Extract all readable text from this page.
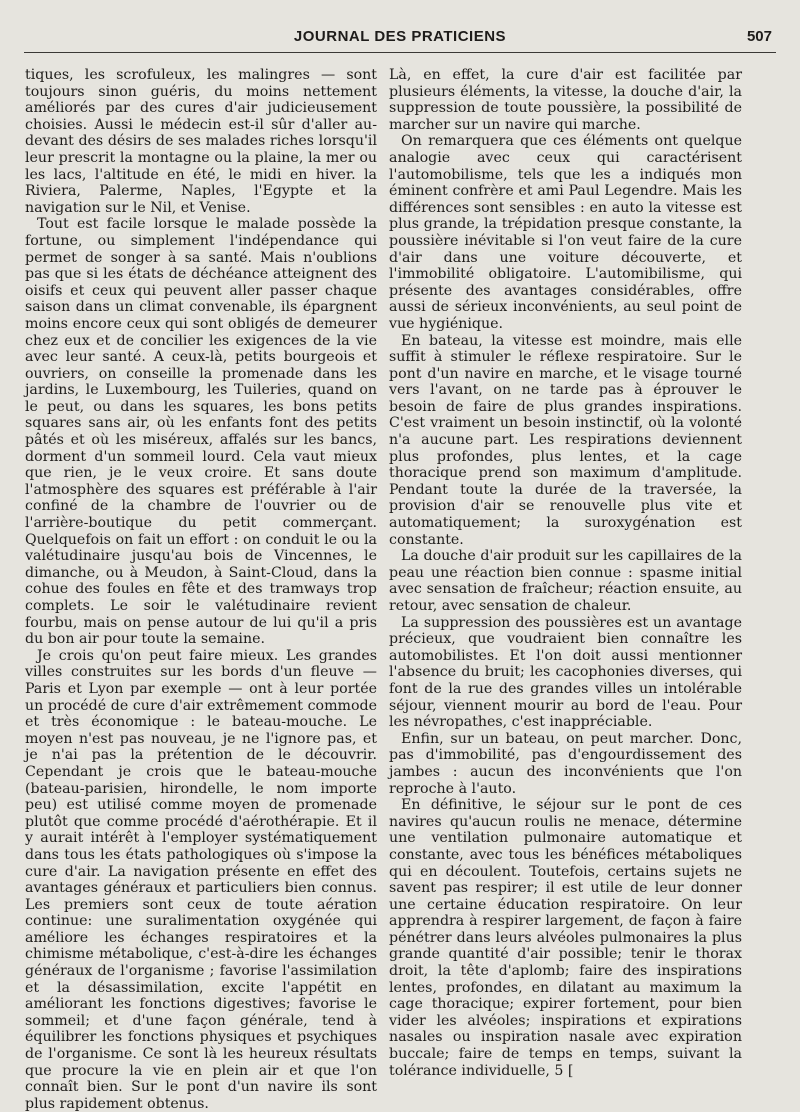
JOURNAL DES PRATICIENS	507

tiques, les scrofuleux, les malingres — sont toujours sinon guéris, du moins nettement améliorés par des cures d'air judicieusement choisies. Aussi le médecin est-il sûr d'aller au-devant des désirs de ses malades riches lorsqu'il leur prescrit la montagne ou la plaine, la mer ou les lacs, l'altitude en été, le midi en hiver. la Riviera, Palerme, Naples, l'Egypte et la navigation sur le Nil, et Venise.

Tout est facile lorsque le malade possède la fortune, ou simplement l'indépendance qui permet de songer à sa santé. Mais n'oublions pas que si les états de déchéance atteignent des oisifs et ceux qui peuvent aller passer chaque saison dans un climat convenable, ils épargnent moins encore ceux qui sont obligés de demeurer chez eux et de concilier les exigences de la vie avec leur santé. A ceux-là, petits bourgeois et ouvriers, on conseille la promenade dans les jardins, le Luxembourg, les Tuileries, quand on le peut, ou dans les squares, les bons petits squares sans air, où les enfants font des petits pâtés et où les miséreux, affalés sur les bancs, dorment d'un sommeil lourd. Cela vaut mieux que rien, je le veux croire. Et sans doute l'atmosphère des squares est préférable à l'air confiné de la chambre de l'ouvrier ou de l'arrière-boutique du petit commerçant. Quelquefois on fait un effort : on conduit le ou la valétudinaire jusqu'au bois de Vincennes, le dimanche, ou à Meudon, à Saint-Cloud, dans la cohue des foules en fête et des tramways trop complets. Le soir le valétudinaire revient fourbu, mais on pense autour de lui qu'il a pris du bon air pour toute la semaine.

Je crois qu'on peut faire mieux. Les grandes villes construites sur les bords d'un fleuve — Paris et Lyon par exemple — ont à leur portée un procédé de cure d'air extrêmement commode et très économique : le bateau-mouche. Le moyen n'est pas nouveau, je ne l'ignore pas, et je n'ai pas la prétention de le découvrir. Cependant je crois que le bateau-mouche (bateau-parisien, hirondelle, le nom importe peu) est utilisé comme moyen de promenade plutôt que comme procédé d'aérothérapie. Et il y aurait intérêt à l'employer systématiquement dans tous les états pathologiques où s'impose la cure d'air. La navigation présente en effet des avantages généraux et particuliers bien connus. Les premiers sont ceux de toute aération continue: une suralimentation oxygénée qui améliore les échanges respiratoires et la chimisme métabolique, c'est-à-dire les échanges généraux de l'organisme ; favorise l'assimilation et la désassimilation, excite l'appétit en améliorant les fonctions digestives; favorise le sommeil; et d'une façon générale, tend à équilibrer les fonctions physiques et psychiques de l'organisme. Ce sont là les heureux résultats que procure la vie en plein air et que l'on connaît bien. Sur le pont d'un navire ils sont plus rapidement obtenus.

Là, en effet, la cure d'air est facilitée par plusieurs éléments, la vitesse, la douche d'air, la suppression de toute poussière, la possibilité de marcher sur un navire qui marche.

On remarquera que ces éléments ont quelque analogie avec ceux qui caractérisent l'automobilisme, tels que les a indiqués mon éminent confrère et ami Paul Legendre. Mais les différences sont sensibles : en auto la vitesse est plus grande, la trépidation presque constante, la poussière inévitable si l'on veut faire de la cure d'air dans une voiture découverte, et l'immobilité obligatoire. L'automibilisme, qui présente des avantages considérables, offre aussi de sérieux inconvénients, au seul point de vue hygiénique.

En bateau, la vitesse est moindre, mais elle suffit à stimuler le réflexe respiratoire. Sur le pont d'un navire en marche, et le visage tourné vers l'avant, on ne tarde pas à éprouver le besoin de faire de plus grandes inspirations. C'est vraiment un besoin instinctif, où la volonté n'a aucune part. Les respirations deviennent plus profondes, plus lentes, et la cage thoracique prend son maximum d'amplitude. Pendant toute la durée de la traversée, la provision d'air se renouvelle plus vite et automatiquement; la suroxygénation est constante.

La douche d'air produit sur les capillaires de la peau une réaction bien connue : spasme initial avec sensation de fraîcheur; réaction ensuite, au retour, avec sensation de chaleur.

La suppression des poussières est un avantage précieux, que voudraient bien connaître les automobilistes. Et l'on doit aussi mentionner l'absence du bruit; les cacophonies diverses, qui font de la rue des grandes villes un intolérable séjour, viennent mourir au bord de l'eau. Pour les névropathes, c'est inappréciable.

Enfin, sur un bateau, on peut marcher. Donc, pas d'immobilité, pas d'engourdissement des jambes : aucun des inconvénients que l'on reproche à l'auto.

En définitive, le séjour sur le pont de ces navires qu'aucun roulis ne menace, détermine une ventilation pulmonaire automatique et constante, avec tous les bénéfices métaboliques qui en découlent. Toutefois, certains sujets ne savent pas respirer; il est utile de leur donner une certaine éducation respiratoire. On leur apprendra à respirer largement, de façon à faire pénétrer dans leurs alvéoles pulmonaires la plus grande quantité d'air possible; tenir le thorax droit, la tête d'aplomb; faire des inspirations lentes, profondes, en dilatant au maximum la cage thoracique; expirer fortement, pour bien vider les alvéoles; inspirations et expirations nasales ou inspiration nasale avec expiration buccale; faire de temps en temps, suivant la tolérance individuelle, 5 [
